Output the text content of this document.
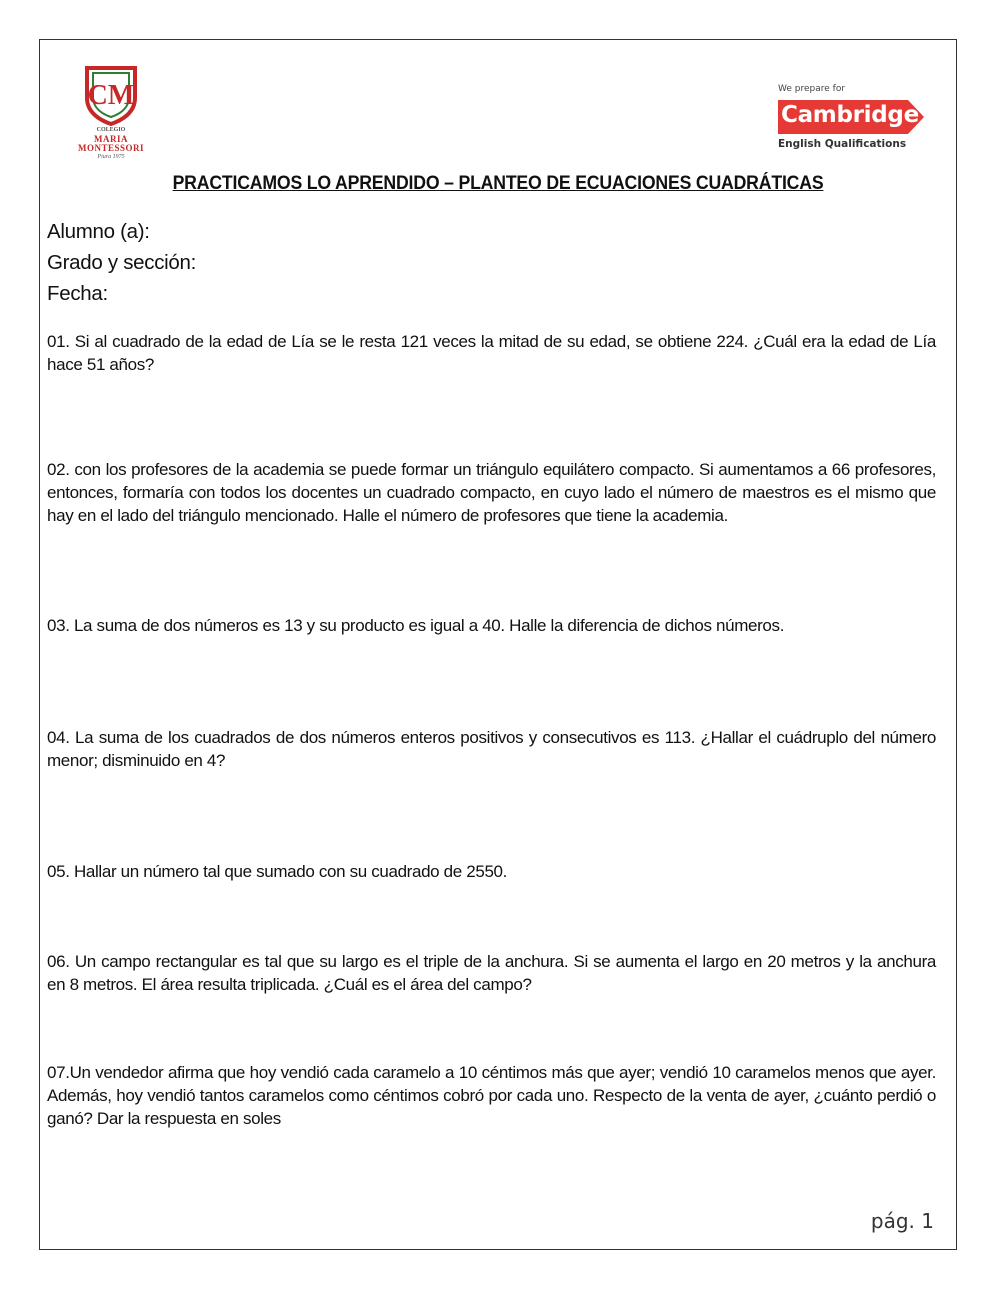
CM
COLEGIO
MARIA
MONTESSORI
Piura 1975
We prepare for
Cambridge
English Qualifications
PRACTICAMOS LO APRENDIDO – PLANTEO DE ECUACIONES CUADRÁTICAS
Alumno (a):
Grado y sección:
Fecha:
01. Si al cuadrado de la edad de Lía se le resta 121 veces la mitad de su edad, se obtiene 224. ¿Cuál era la edad de Lía hace 51 años?
02. con los profesores de la academia se puede formar un triángulo equilátero compacto. Si aumentamos a 66 profesores, entonces, formaría con todos los docentes un cuadrado compacto, en cuyo lado el número de maestros es el mismo que hay en el lado del triángulo mencionado. Halle el número de profesores que tiene la academia.
03. La suma de dos números es 13 y su producto es igual a 40. Halle la diferencia de dichos números.
04. La suma de los cuadrados de dos números enteros positivos y consecutivos es 113. ¿Hallar el cuádruplo del número menor; disminuido en 4?
05. Hallar un número tal que sumado con su cuadrado de 2550.
06. Un campo rectangular es tal que su largo es el triple de la anchura. Si se aumenta el largo en 20 metros y la anchura en 8 metros. El área resulta triplicada. ¿Cuál es el área del campo?
07.Un vendedor afirma que hoy vendió cada caramelo a 10 céntimos más que ayer; vendió 10 caramelos menos que ayer. Además, hoy vendió tantos caramelos como céntimos cobró por cada uno. Respecto de la venta de ayer, ¿cuánto perdió o ganó? Dar la respuesta en soles
pág. 1
